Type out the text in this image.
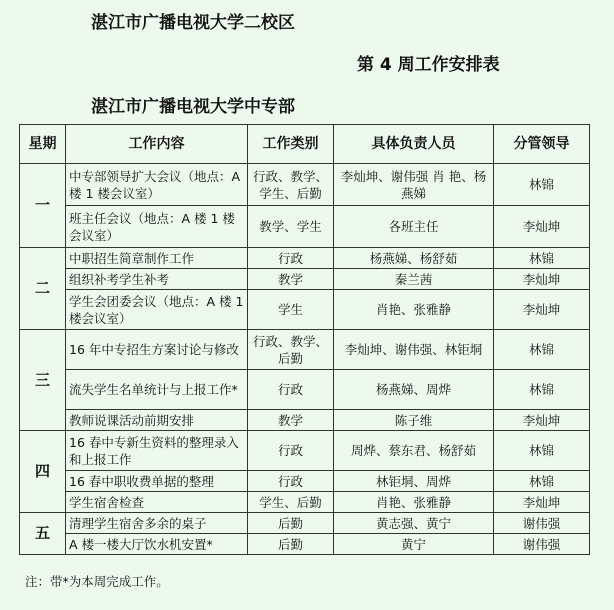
湛江市广播电视大学二校区
第 4 周工作安排表
湛江市广播电视大学中专部
星期	工作内容	工作类别	具体负责人员	分管领导
一	中专部领导扩大会议（地点：A 楼 1 楼会议室）	行政、教学、学生、后勤	李灿坤、谢伟强 肖 艳、杨燕娣	林锦
	班主任会议（地点：A 楼 1 楼会议室）	教学、学生	各班主任	李灿坤
二	中职招生简章制作工作	行政	杨燕娣、杨舒茹	林锦
	组织补考学生补考	教学	秦兰茜	李灿坤
	学生会团委会议（地点：A 楼 1 楼会议室）	学生	肖艳、张雅静	李灿坤
三	16 年中专招生方案讨论与修改	行政、教学、后勤	李灿坤、谢伟强、林钜垌	林锦
	流失学生名单统计与上报工作*	行政	杨燕娣、周烨	林锦
	教师说课活动前期安排	教学	陈子维	李灿坤
四	16 春中专新生资料的整理录入和上报工作	行政	周烨、蔡东君、杨舒茹	林锦
	16 春中职收费单据的整理	行政	林钜垌、周烨	林锦
	学生宿舍检查	学生、后勤	肖艳、张雅静	李灿坤
五	清理学生宿舍多余的桌子	后勤	黄志强、黄宁	谢伟强
	A 楼一楼大厅饮水机安置*	后勤	黄宁	谢伟强
注：带*为本周完成工作。
